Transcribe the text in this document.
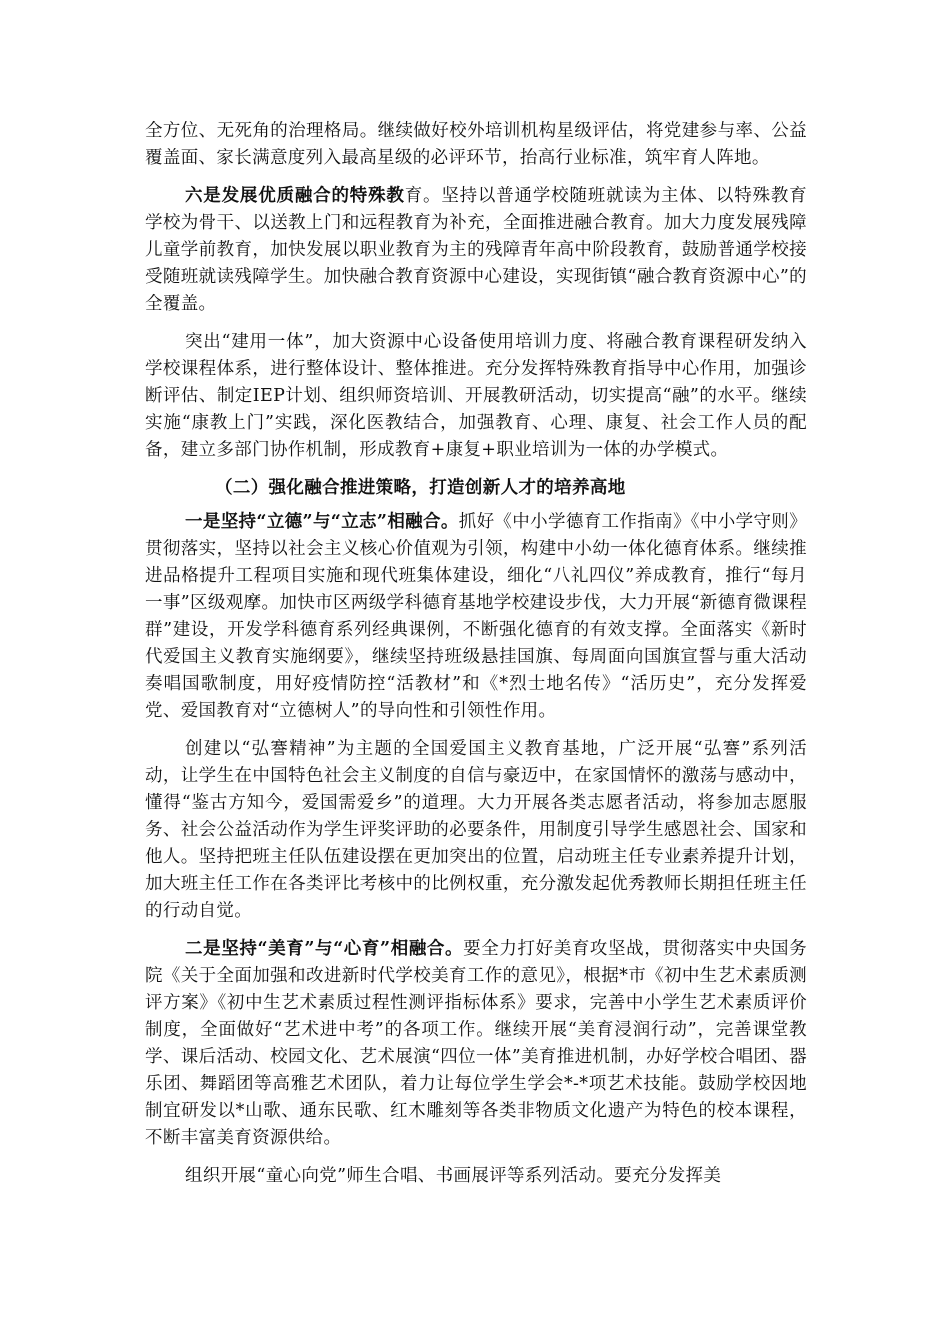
全方位、无死角的治理格局。继续做好校外培训机构星级评估，将党建参与率、公益覆盖面、家长满意度列入最高星级的必评环节，抬高行业标准，筑牢育人阵地。

六是发展优质融合的特殊教育。坚持以普通学校随班就读为主体、以特殊教育学校为骨干、以送教上门和远程教育为补充，全面推进融合教育。加大力度发展残障儿童学前教育，加快发展以职业教育为主的残障青年高中阶段教育，鼓励普通学校接受随班就读残障学生。加快融合教育资源中心建设，实现街镇“融合教育资源中心”的全覆盖。

突出“建用一体”，加大资源中心设备使用培训力度、将融合教育课程研发纳入学校课程体系，进行整体设计、整体推进。充分发挥特殊教育指导中心作用，加强诊断评估、制定IEP计划、组织师资培训、开展教研活动，切实提高“融”的水平。继续实施“康教上门”实践，深化医教结合，加强教育、心理、康复、社会工作人员的配备，建立多部门协作机制，形成教育+康复+职业培训为一体的办学模式。

（二）强化融合推进策略，打造创新人才的培养高地

一是坚持“立德”与“立志”相融合。抓好《中小学德育工作指南》《中小学守则》贯彻落实，坚持以社会主义核心价值观为引领，构建中小幼一体化德育体系。继续推进品格提升工程项目实施和现代班集体建设，细化“八礼四仪”养成教育，推行“每月一事”区级观摩。加快市区两级学科德育基地学校建设步伐，大力开展“新德育微课程群”建设，开发学科德育系列经典课例，不断强化德育的有效支撑。全面落实《新时代爱国主义教育实施纲要》，继续坚持班级悬挂国旗、每周面向国旗宣誓与重大活动奏唱国歌制度，用好疫情防控“活教材”和《*烈士地名传》“活历史”，充分发挥爱党、爱国教育对“立德树人”的导向性和引领性作用。

创建以“弘謇精神”为主题的全国爱国主义教育基地，广泛开展“弘謇”系列活动，让学生在中国特色社会主义制度的自信与豪迈中，在家国情怀的激荡与感动中，懂得“鉴古方知今，爱国需爱乡”的道理。大力开展各类志愿者活动，将参加志愿服务、社会公益活动作为学生评奖评助的必要条件，用制度引导学生感恩社会、国家和他人。坚持把班主任队伍建设摆在更加突出的位置，启动班主任专业素养提升计划，加大班主任工作在各类评比考核中的比例权重，充分激发起优秀教师长期担任班主任的行动自觉。

二是坚持“美育”与“心育”相融合。要全力打好美育攻坚战，贯彻落实中央国务院《关于全面加强和改进新时代学校美育工作的意见》，根据*市《初中生艺术素质测评方案》《初中生艺术素质过程性测评指标体系》要求，完善中小学生艺术素质评价制度，全面做好“艺术进中考”的各项工作。继续开展“美育浸润行动”，完善课堂教学、课后活动、校园文化、艺术展演“四位一体”美育推进机制，办好学校合唱团、器乐团、舞蹈团等高雅艺术团队，着力让每位学生学会*-*项艺术技能。鼓励学校因地制宜研发以*山歌、通东民歌、红木雕刻等各类非物质文化遗产为特色的校本课程，不断丰富美育资源供给。

组织开展“童心向党”师生合唱、书画展评等系列活动。要充分发挥美
